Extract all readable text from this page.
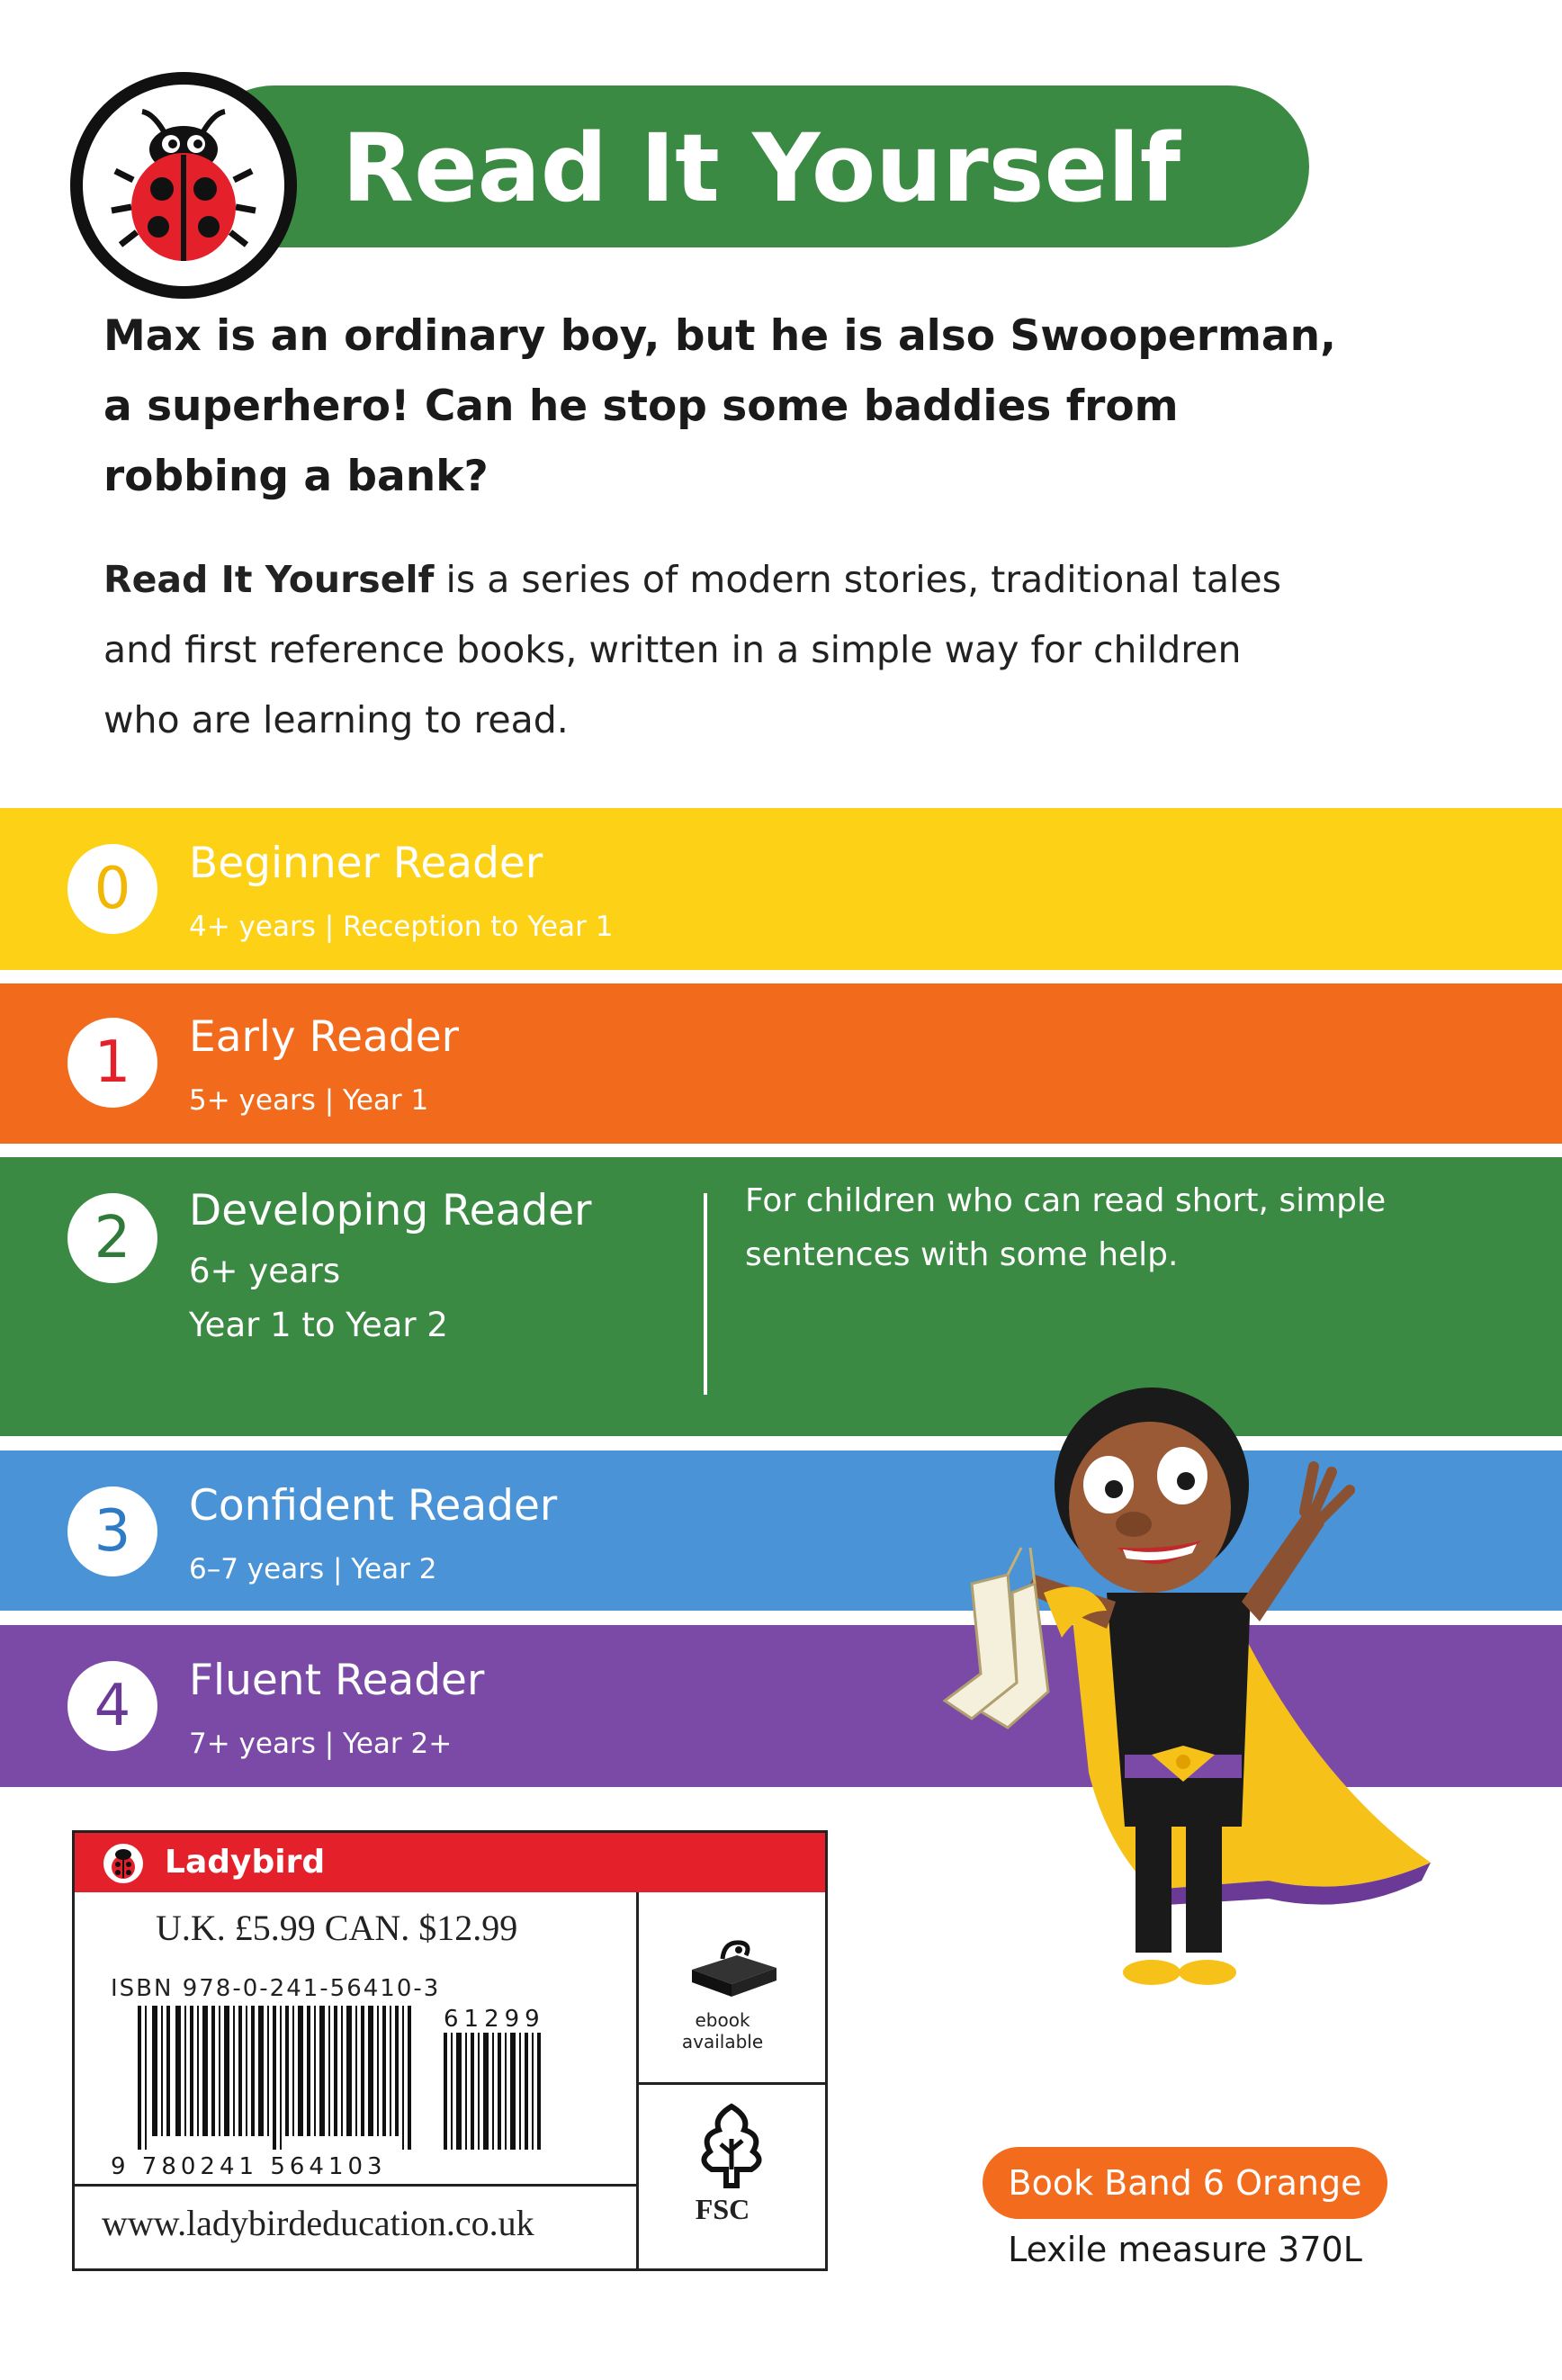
Read It Yourself
Max is an ordinary boy, but he is also Swooperman,
a superhero! Can he stop some baddies from
robbing a bank?
Read It Yourself is a series of modern stories, traditional tales
and first reference books, written in a simple way for children
who are learning to read.
0	Beginner Reader
4+ years | Reception to Year 1
1	Early Reader
5+ years | Year 1
2	Developing Reader
6+ years
Year 1 to Year 2
For children who can read short, simple
sentences with some help.
3	Confident Reader
6–7 years | Year 2
4	Fluent Reader
7+ years | Year 2+
Ladybird
U.K. £5.99 CAN. $12.99
ISBN 978-0-241-56410-3
9 780241 564103
61299	ebook
available
FSC
www.ladybirdeducation.co.uk
Book Band 6 Orange
Lexile measure 370L
